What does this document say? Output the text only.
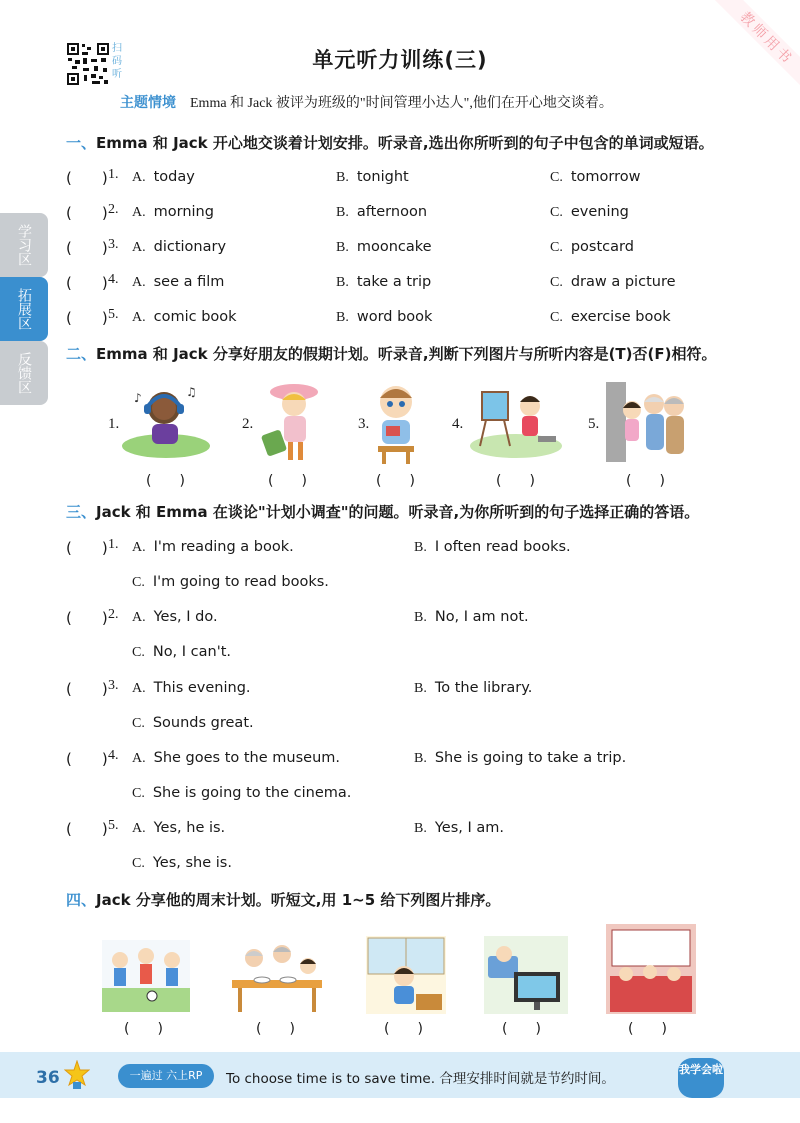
扫码听
单元听力训练(三)	教师用书
主题情境 Emma 和 Jack 被评为班级的"时间管理小达人",他们在开心地交谈着。
学习区
拓展区
反馈区
一、Emma 和 Jack 开心地交谈着计划安排。听录音,选出你所听到的句子中包含的单词或短语。
(　　) 1. A. today	B. tonight	C. tomorrow
(　　) 2. A. morning	B. afternoon	C. evening
(　　) 3. A. dictionary	B. mooncake	C. postcard
(　　) 4. A. see a film	B. take a trip	C. draw a picture
(　　) 5. A. comic book	B. word book	C. exercise book
二、Emma 和 Jack 分享好朋友的假期计划。听录音,判断下列图片与所听内容是(T)否(F)相符。
1.
♪	♫
(　　)
2.
(　　)
3.
(　　)
4.
(　　)
5.
(　　)
三、Jack 和 Emma 在谈论"计划小调查"的问题。听录音,为你所听到的句子选择正确的答语。
(　　) 1. A. I'm reading a book.	B. I often read books.
C. I'm going to read books.
(　　) 2. A. Yes, I do.	B. No, I am not.
C. No, I can't.
(　　) 3. A. This evening.	B. To the library.
C. Sounds great.
(　　) 4. A. She goes to the museum.	B. She is going to take a trip.
C. She is going to the cinema.
(　　) 5. A. Yes, he is.	B. Yes, I am.
C. Yes, she is.
四、Jack 分享他的周末计划。听短文,用 1~5 给下列图片排序。
(　　)	(　　)	(　　)	(　　)	(　　)
36	一遍过 六上RP	To choose time is to save time. 合理安排时间就是节约时间。
我学会啦
